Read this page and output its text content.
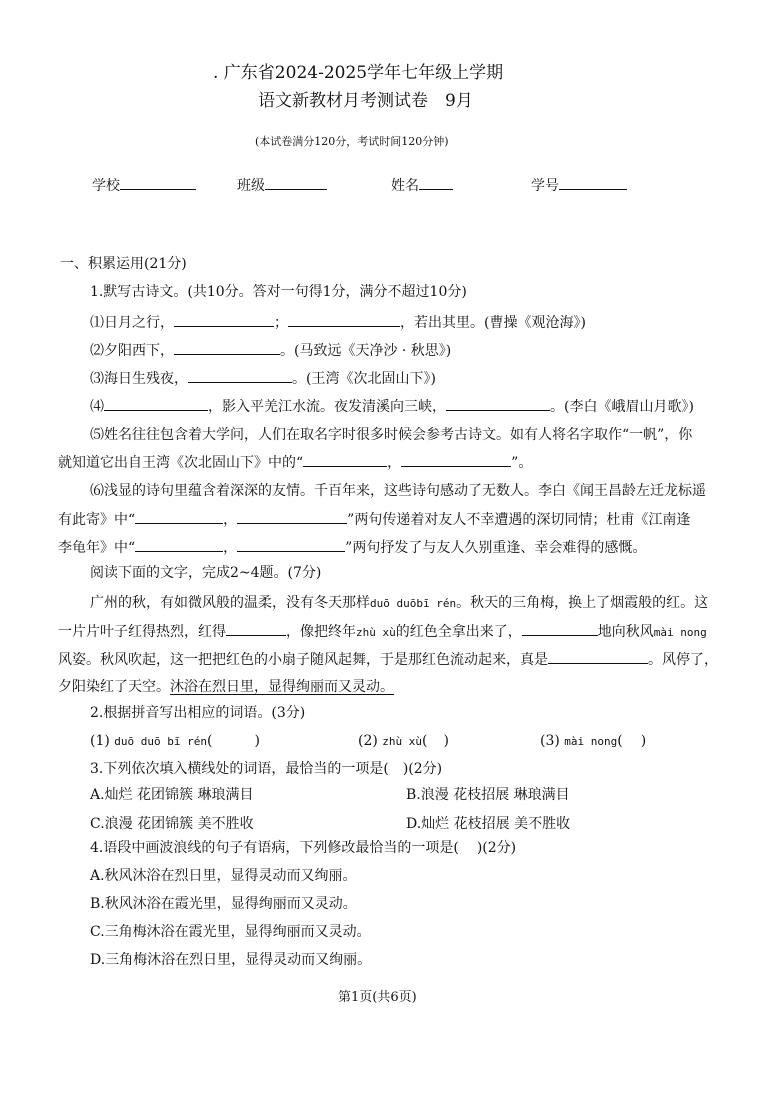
. 广东省2024-2025学年七年级上学期
语文新教材月考测试卷　9月
(本试卷满分120分，考试时间120分钟)
学校	班级	姓名	学号
一、积累运用(21分)
1.默写古诗文。(共10分。答对一句得1分，满分不超过10分)
⑴日月之行，	；	，若出其里。(曹操《观沧海》)
⑵夕阳西下，	。(马致远《天净沙 · 秋思》)
⑶海日生残夜，	。(王湾《次北固山下》)
⑷	，影入平羌江水流。夜发清溪向三峡，	。(李白《峨眉山月歌》)
⑸姓名往往包含着大学问，人们在取名字时很多时候会参考古诗文。如有人将名字取作“一帆”，你
就知道它出自王湾《次北固山下》中的“	，	”。
⑹浅显的诗句里蕴含着深深的友情。千百年来，这些诗句感动了无数人。李白《闻王昌龄左迁龙标遥
有此寄》中“	，	”两句传递着对友人不幸遭遇的深切同情；杜甫《江南逢
李龟年》中“	，	”两句抒发了与友人久别重逢、幸会难得的感慨。
阅读下面的文字，完成2~4题。(7分)
广州的秋，有如微风般的温柔，没有冬天那样duō duōbī rén。秋天的三角梅，换上了烟霞般的红。这
一片片叶子红得热烈，红得	，像把终年zhù xù的红色全拿出来了，	地向秋风mài nong
风姿。秋风吹起，这一把把红色的小扇子随风起舞，于是那红色流动起来，真是	。风停了，
夕阳染红了天空。沐浴在烈日里，显得绚丽而又灵动。
2.根据拼音写出相应的词语。(3分)
(1) duō duō bī rén(	)	(2) zhù xù( )	(3) mài nong( )
3.下列依次填入横线处的词语，最恰当的一项是( )(2分)
A.灿烂 花团锦簇 琳琅满目	B.浪漫 花枝招展 琳琅满目
C.浪漫 花团锦簇 美不胜收	D.灿烂 花枝招展 美不胜收
4.语段中画波浪线的句子有语病，下列修改最恰当的一项是( )(2分)
A.秋风沐浴在烈日里，显得灵动而又绚丽。
B.秋风沐浴在霞光里，显得绚丽而又灵动。
C.三角梅沐浴在霞光里，显得绚丽而又灵动。
D.三角梅沐浴在烈日里，显得灵动而又绚丽。
第1页(共6页)
